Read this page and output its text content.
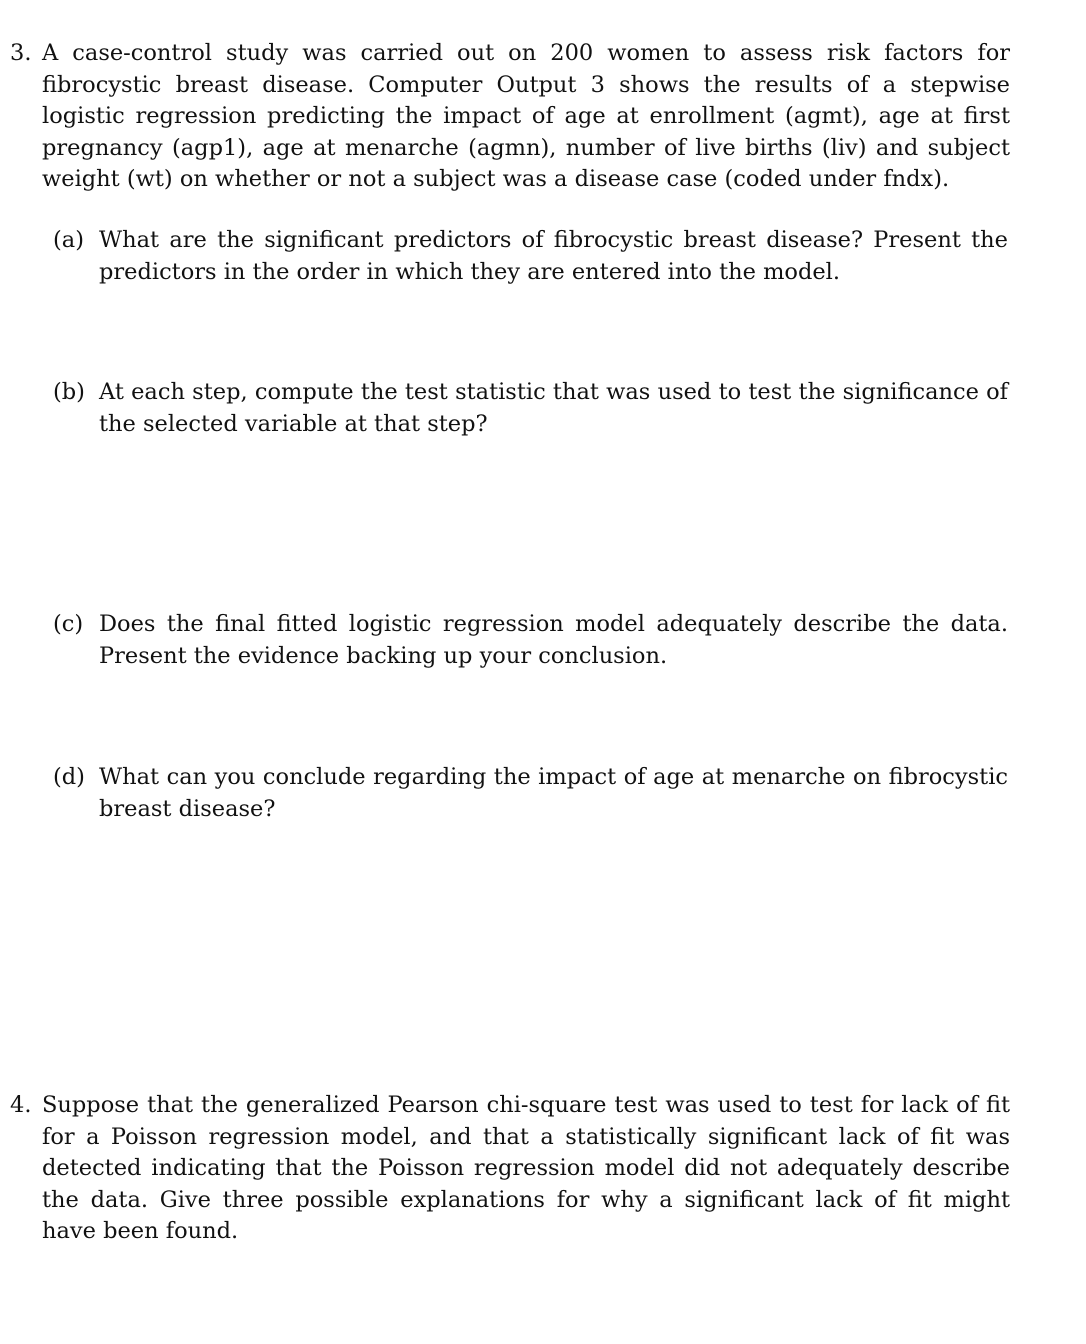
3. A case-control study was carried out on 200 women to assess risk factors for fibrocystic breast disease. Computer Output 3 shows the results of a stepwise logistic regression predicting the impact of age at enrollment (agmt), age at first pregnancy (agp1), age at menarche (agmn), number of live births (liv) and subject weight (wt) on whether or not a subject was a disease case (coded under fndx).
(a) What are the significant predictors of fibrocystic breast disease? Present the predictors in the order in which they are entered into the model.
(b) At each step, compute the test statistic that was used to test the significance of the selected variable at that step?
(c) Does the final fitted logistic regression model adequately describe the data. Present the evidence backing up your conclusion.
(d) What can you conclude regarding the impact of age at menarche on fibrocystic breast disease?
4. Suppose that the generalized Pearson chi-square test was used to test for lack of fit for a Poisson regression model, and that a statistically significant lack of fit was detected indicating that the Poisson regression model did not adequately describe the data. Give three possible explanations for why a significant lack of fit might have been found.
